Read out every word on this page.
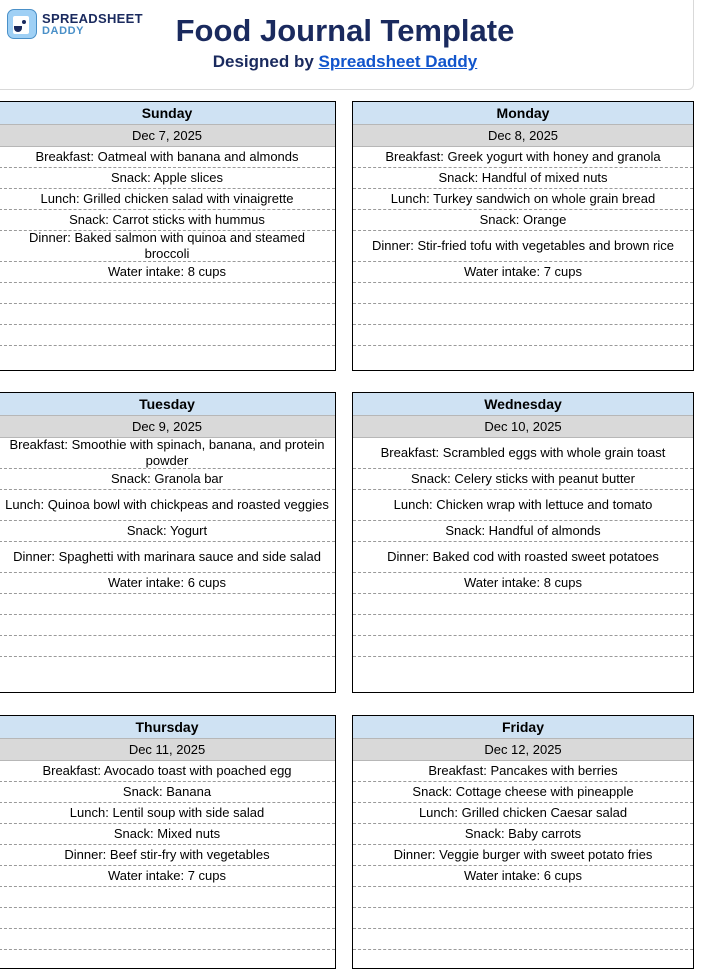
SPREADSHEET
DADDY	Food Journal Template
Designed by Spreadsheet Daddy
Sunday
Dec 7, 2025
Breakfast: Oatmeal with banana and almonds
Snack: Apple slices
Lunch: Grilled chicken salad with vinaigrette
Snack: Carrot sticks with hummus
Dinner: Baked salmon with quinoa and steamed broccoli
Water intake: 8 cups
Monday
Dec 8, 2025
Breakfast: Greek yogurt with honey and granola
Snack: Handful of mixed nuts
Lunch: Turkey sandwich on whole grain bread
Snack: Orange
Dinner: Stir-fried tofu with vegetables and brown rice
Water intake: 7 cups
Tuesday
Dec 9, 2025
Breakfast: Smoothie with spinach, banana, and protein powder
Snack: Granola bar
Lunch: Quinoa bowl with chickpeas and roasted veggies
Snack: Yogurt
Dinner: Spaghetti with marinara sauce and side salad
Water intake: 6 cups
Wednesday
Dec 10, 2025
Breakfast: Scrambled eggs with whole grain toast
Snack: Celery sticks with peanut butter
Lunch: Chicken wrap with lettuce and tomato
Snack: Handful of almonds
Dinner: Baked cod with roasted sweet potatoes
Water intake: 8 cups
Thursday
Dec 11, 2025
Breakfast: Avocado toast with poached egg
Snack: Banana
Lunch: Lentil soup with side salad
Snack: Mixed nuts
Dinner: Beef stir-fry with vegetables
Water intake: 7 cups
Friday
Dec 12, 2025
Breakfast: Pancakes with berries
Snack: Cottage cheese with pineapple
Lunch: Grilled chicken Caesar salad
Snack: Baby carrots
Dinner: Veggie burger with sweet potato fries
Water intake: 6 cups
